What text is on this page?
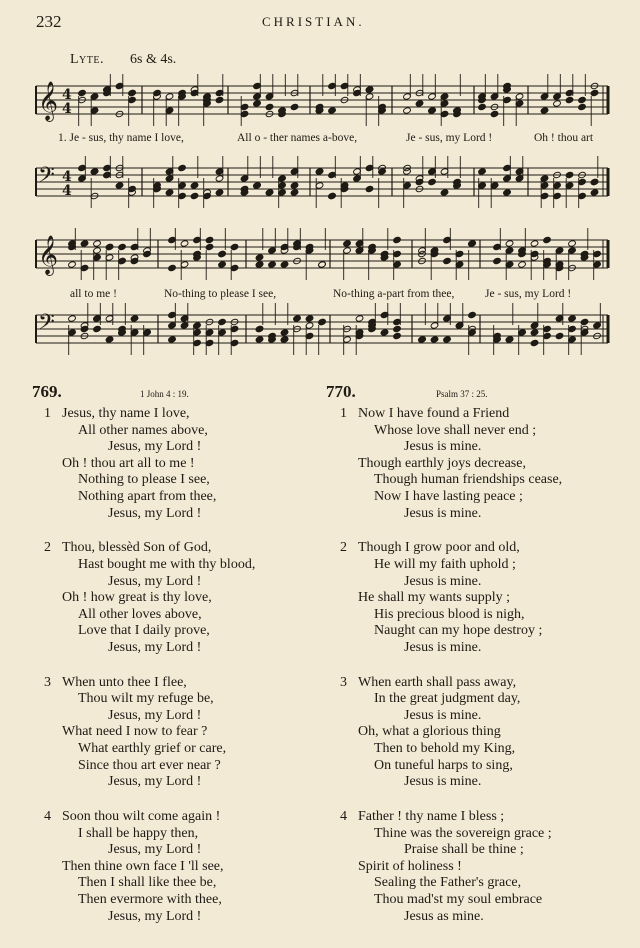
232	CHRISTIAN.
Lyte. 6s & 4s.
𝄞 4
4
𝄢 4
4
𝄞
𝄢
1. Je - sus, thy name I love,	All o - ther names a-bove,	Je - sus, my Lord !	Oh ! thou art
all to me !	No-thing to please I see,	No-thing a-part from thee,	Je - sus, my Lord !
769.	1 John 4 : 19.
1 Jesus, thy name I love,
All other names above,
Jesus, my Lord !
Oh ! thou art all to me !
Nothing to please I see,
Nothing apart from thee,
Jesus, my Lord !
2 Thou, blessèd Son of God,
Hast bought me with thy blood,
Jesus, my Lord !
Oh ! how great is thy love,
All other loves above,
Love that I daily prove,
Jesus, my Lord !
3 When unto thee I flee,
Thou wilt my refuge be,
Jesus, my Lord !
What need I now to fear ?
What earthly grief or care,
Since thou art ever near ?
Jesus, my Lord !
4 Soon thou wilt come again !
I shall be happy then,
Jesus, my Lord !
Then thine own face I 'll see,
Then I shall like thee be,
Then evermore with thee,
Jesus, my Lord !
770.	Psalm 37 : 25.
1 Now I have found a Friend
Whose love shall never end ;
Jesus is mine.
Though earthly joys decrease,
Though human friendships cease,
Now I have lasting peace ;
Jesus is mine.
2 Though I grow poor and old,
He will my faith uphold ;
Jesus is mine.
He shall my wants supply ;
His precious blood is nigh,
Naught can my hope destroy ;
Jesus is mine.
3 When earth shall pass away,
In the great judgment day,
Jesus is mine.
Oh, what a glorious thing
Then to behold my King,
On tuneful harps to sing,
Jesus is mine.
4 Father ! thy name I bless ;
Thine was the sovereign grace ;
Praise shall be thine ;
Spirit of holiness !
Sealing the Father's grace,
Thou mad'st my soul embrace
Jesus as mine.
